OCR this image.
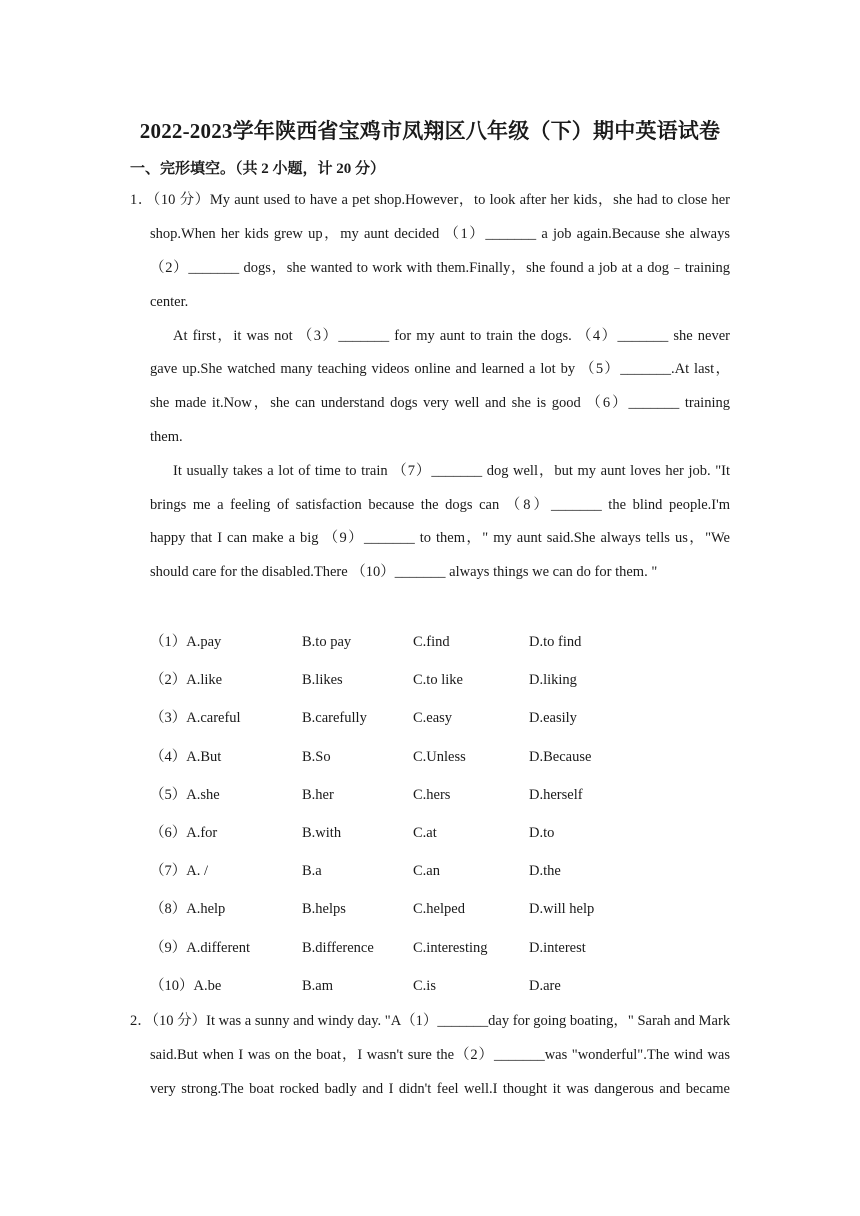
2022-2023学年陕西省宝鸡市凤翔区八年级（下）期中英语试卷
一、完形填空。（共 2 小题，计 20 分）
1．（10 分）My aunt used to have a pet shop.However，to look after her kids，she had to close her
shop.When her kids grew up，my aunt decided （1）_______ a job again.Because she always
（2）_______ dogs，she wanted to work with them.Finally，she found a job at a dog﹣training
center.
At first，it was not （3）_______ for my aunt to train the dogs. （4）_______ she never
gave up.She watched many teaching videos online and learned a lot by （5）_______.At last，
she made it.Now，she can understand dogs very well and she is good （6）_______ training
them.
It usually takes a lot of time to train （7）_______ dog well，but my aunt loves her job. "It
brings me a feeling of satisfaction because the dogs can （8）_______ the blind people.I'm
happy that I can make a big （9）_______ to them，" my aunt said.She always tells us，"We
should care for the disabled.There （10）_______ always things we can do for them. "
（1）A.pay	B.to pay	C.find	D.to find
（2）A.like	B.likes	C.to like	D.liking
（3）A.careful	B.carefully	C.easy	D.easily
（4）A.But	B.So	C.Unless	D.Because
（5）A.she	B.her	C.hers	D.herself
（6）A.for	B.with	C.at	D.to
（7）A. /	B.a	C.an	D.the
（8）A.help	B.helps	C.helped	D.will help
（9）A.different	B.difference	C.interesting	D.interest
（10）A.be	B.am	C.is	D.are
2．（10 分）It was a sunny and windy day. "A（1）_______day for going boating，" Sarah and Mark
said.But when I was on the boat，I wasn't sure the（2）_______was "wonderful".The wind was
very strong.The boat rocked badly and I didn't feel well.I thought it was dangerous and became
